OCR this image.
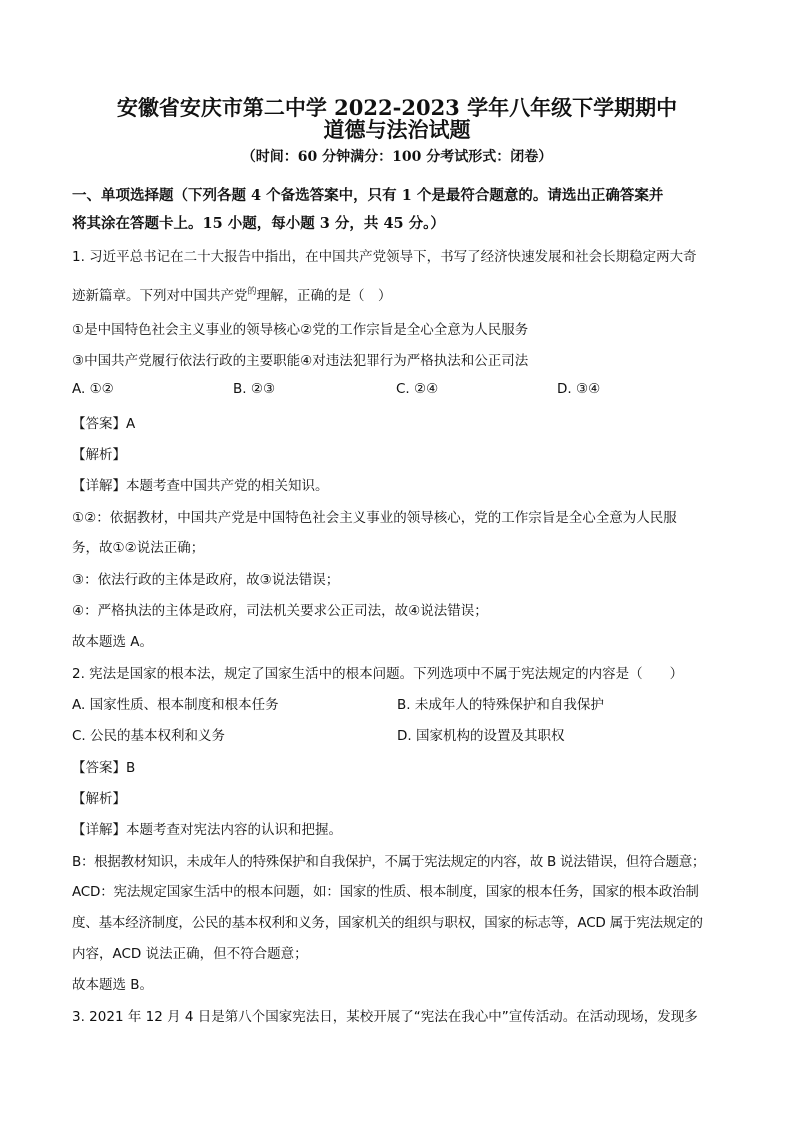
安徽省安庆市第二中学 2022-2023 学年八年级下学期期中
道德与法治试题
（时间：60 分钟满分：100 分考试形式：闭卷）
一、单项选择题（下列各题 4 个备选答案中，只有 1 个是最符合题意的。请选出正确答案并
将其涂在答题卡上。15 小题，每小题 3 分，共 45 分。）
1. 习近平总书记在二十大报告中指出，在中国共产党领导下，书写了经济快速发展和社会长期稳定两大奇
迹新篇章。下列对中国共产党$^的$理解，正确的是（　）
①是中国特色社会主义事业的领导核心②党的工作宗旨是全心全意为人民服务
③中国共产党履行依法行政的主要职能④对违法犯罪行为严格执法和公正司法
A. ①②	B. ②③	C. ②④	D. ③④
【答案】A
【解析】
【详解】本题考查中国共产党的相关知识。
①②：依据教材，中国共产党是中国特色社会主义事业的领导核心，党的工作宗旨是全心全意为人民服
务，故①②说法正确；
③：依法行政的主体是政府，故③说法错误；
④：严格执法的主体是政府，司法机关要求公正司法，故④说法错误；
故本题选 A。
2. 宪法是国家的根本法，规定了国家生活中的根本问题。下列选项中不属于宪法规定的内容是（　　）
A. 国家性质、根本制度和根本任务	B. 未成年人的特殊保护和自我保护
C. 公民的基本权利和义务	D. 国家机构的设置及其职权
【答案】B
【解析】
【详解】本题考查对宪法内容的认识和把握。
B：根据教材知识，未成年人的特殊保护和自我保护，不属于宪法规定的内容，故 B 说法错误，但符合题意；
ACD：宪法规定国家生活中的根本问题，如：国家的性质、根本制度，国家的根本任务，国家的根本政治制
度、基本经济制度，公民的基本权利和义务，国家机关的组织与职权，国家的标志等，ACD 属于宪法规定的
内容，ACD 说法正确，但不符合题意；
故本题选 B。
3. 2021 年 12 月 4 日是第八个国家宪法日，某校开展了“宪法在我心中”宣传活动。在活动现场，发现多
